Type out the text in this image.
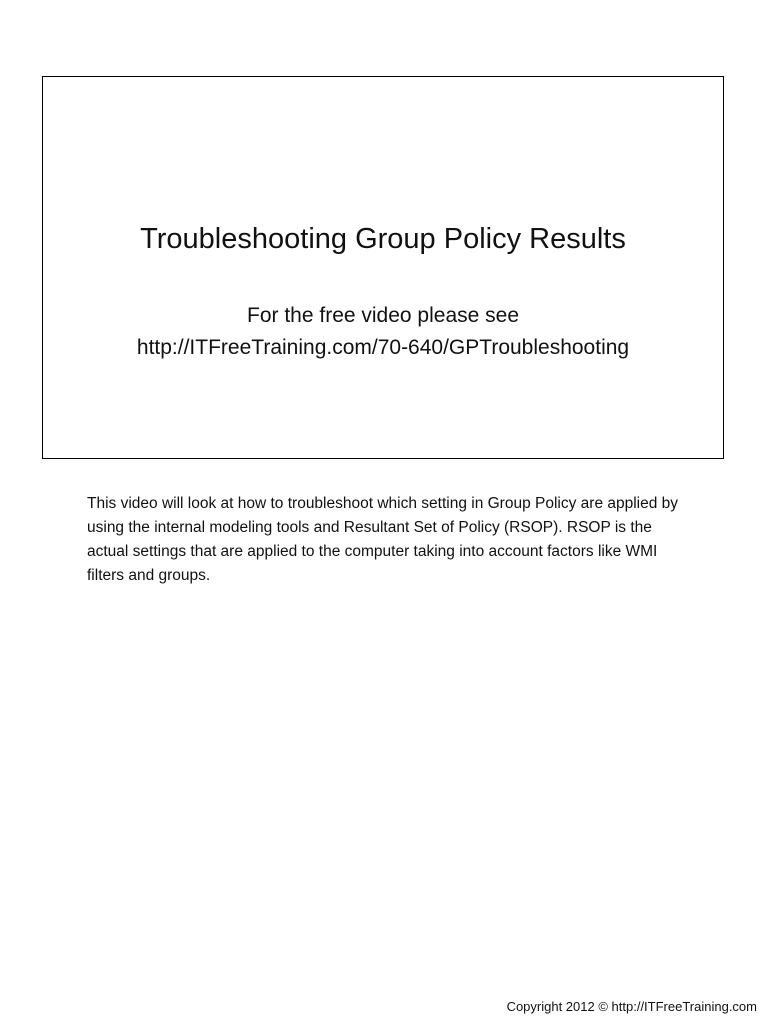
Troubleshooting Group Policy Results
For the free video please see
http://ITFreeTraining.com/70-640/GPTroubleshooting
This video will look at how to troubleshoot which setting in Group Policy are applied by using the internal modeling tools and Resultant Set of Policy (RSOP). RSOP is the actual settings that are applied to the computer taking into account factors like WMI filters and groups.
Copyright 2012 © http://ITFreeTraining.com
